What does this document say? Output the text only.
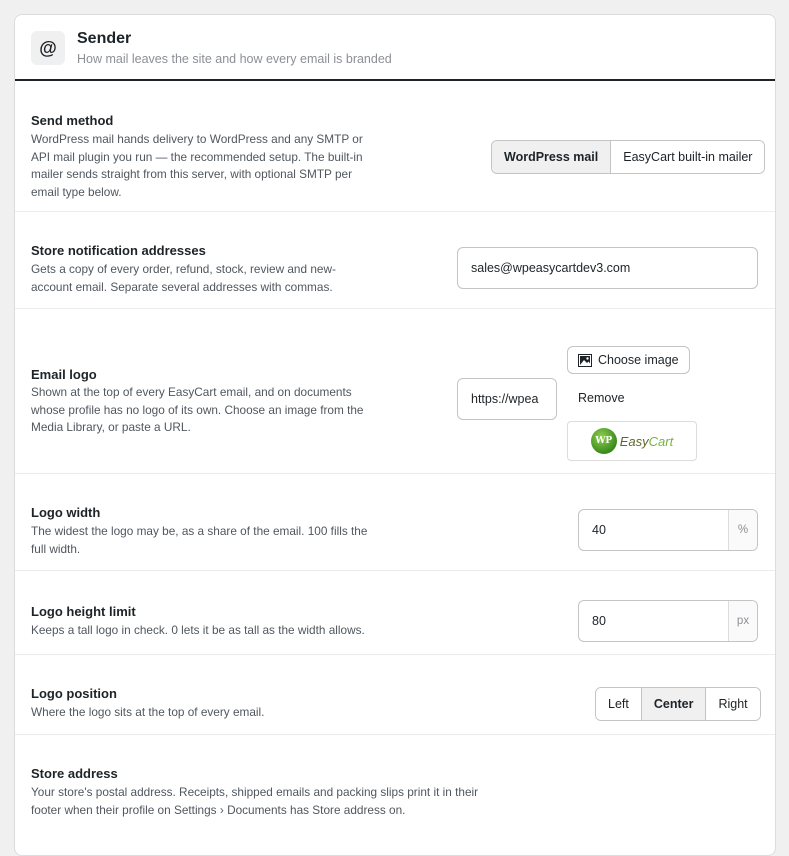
@	Sender
How mail leaves the site and how every email is branded
Send method
WordPress mail hands delivery to WordPress and any SMTP or API mail plugin you run — the recommended setup. The built-in mailer sends straight from this server, with optional SMTP per email type below.
WordPress mail	EasyCart built-in mailer
Store notification addresses
Gets a copy of every order, refund, stock, review and new-account email. Separate several addresses with commas.
sales@wpeasycartdev3.com
Email logo
Shown at the top of every EasyCart email, and on documents whose profile has no logo of its own. Choose an image from the Media Library, or paste a URL.
https://wpea
Choose image
Remove
WP EasyCart
Logo width
The widest the logo may be, as a share of the email. 100 fills the full width.
40	%
Logo height limit
Keeps a tall logo in check. 0 lets it be as tall as the width allows.
80	px
Logo position
Where the logo sits at the top of every email.
Left	Center	Right
Store address
Your store's postal address. Receipts, shipped emails and packing slips print it in their footer when their profile on Settings › Documents has Store address on.
